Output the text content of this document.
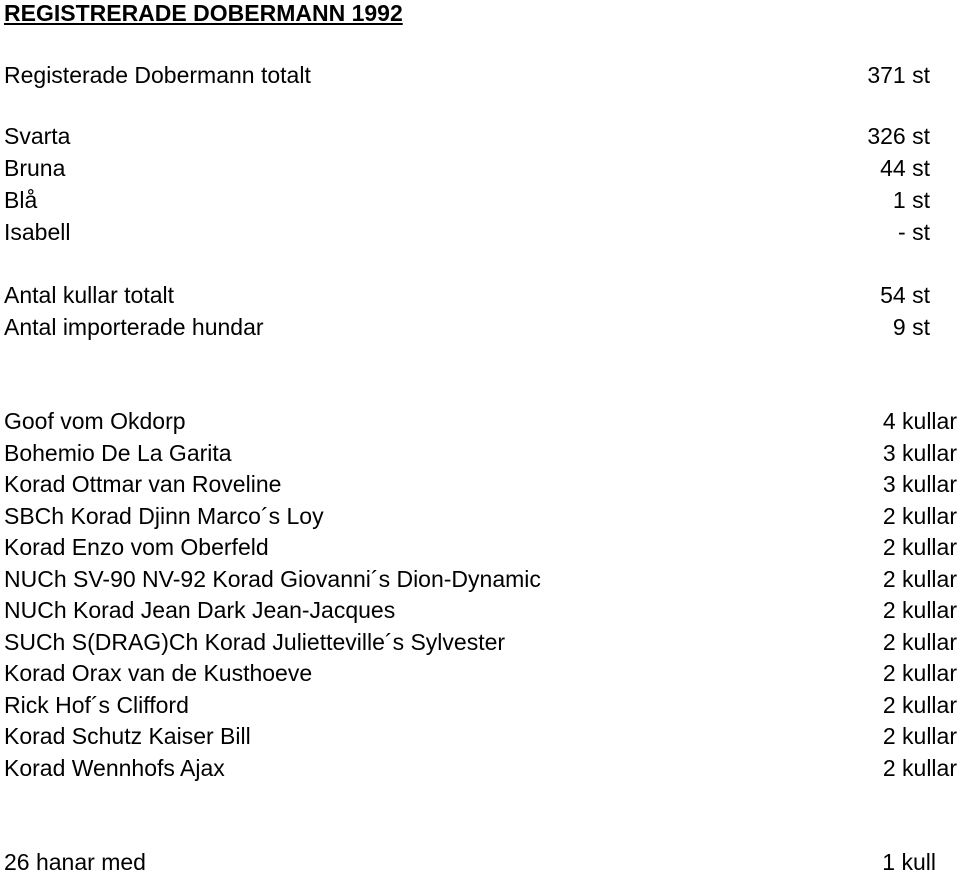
REGISTRERADE DOBERMANN 1992
Registerade Dobermann totalt	371 st
Svarta	326 st
Bruna	44 st
Blå	1 st
Isabell	- st
Antal kullar totalt	54 st
Antal importerade hundar	9 st
Goof vom Okdorp	4 kullar
Bohemio De La Garita	3 kullar
Korad Ottmar van Roveline	3 kullar
SBCh Korad Djinn Marco´s Loy	2 kullar
Korad Enzo vom Oberfeld	2 kullar
NUCh SV-90 NV-92 Korad Giovanni´s Dion-Dynamic	2 kullar
NUCh Korad Jean Dark Jean-Jacques	2 kullar
SUCh S(DRAG)Ch Korad Julietteville´s Sylvester	2 kullar
Korad Orax van de Kusthoeve	2 kullar
Rick Hof´s Clifford	2 kullar
Korad Schutz Kaiser Bill	2 kullar
Korad Wennhofs Ajax	2 kullar
26 hanar med	1 kull
